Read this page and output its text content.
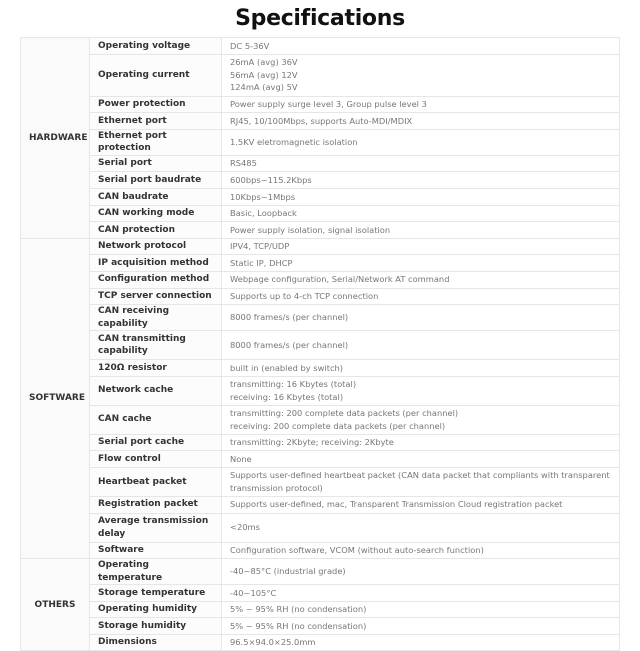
Specifications
HARDWARE	Operating voltage	DC 5-36V

	Operating current	26mA (avg) 36V
56mA (avg) 12V
124mA (avg) 5V

	Power protection	Power supply surge level 3, Group pulse level 3

	Ethernet port	RJ45, 10/100Mbps, supports Auto-MDI/MDIX

	Ethernet port protection	1.5KV eletromagnetic isolation

	Serial port	RS485

	Serial port baudrate	600bps~115.2Kbps

	CAN baudrate	10Kbps~1Mbps

	CAN working mode	Basic, Loopback

	CAN protection	Power supply isolation, signal isolation

SOFTWARE	Network protocol	IPV4, TCP/UDP

	IP acquisition method	Static IP, DHCP

	Configuration method	Webpage configuration, Serial/Network AT command

	TCP server connection	Supports up to 4-ch TCP connection

	CAN receiving capability	8000 frames/s (per channel)

	CAN transmitting capability	8000 frames/s (per channel)

	120Ω resistor	built in (enabled by switch)

	Network cache	transmitting: 16 Kbytes (total)
receiving: 16 Kbytes (total)

	CAN cache	transmitting: 200 complete data packets (per channel)
receiving: 200 complete data packets (per channel)

	Serial port cache	transmitting: 2Kbyte; receiving: 2Kbyte

	Flow control	None

	Heartbeat packet	Supports user-defined heartbeat packet (CAN data packet that compliants with transparent transmission protocol)

	Registration packet	Supports user-defined, mac, Transparent Transmission Cloud registration packet

	Average transmission delay	<20ms

	Software	Configuration software, VCOM (without auto-search function)

OTHERS	Operating temperature	-40~85°C (industrial grade)

	Storage temperature	-40~105°C

	Operating humidity	5% ~ 95% RH (no condensation)

	Storage humidity	5% ~ 95% RH (no condensation)

	Dimensions	96.5×94.0×25.0mm
